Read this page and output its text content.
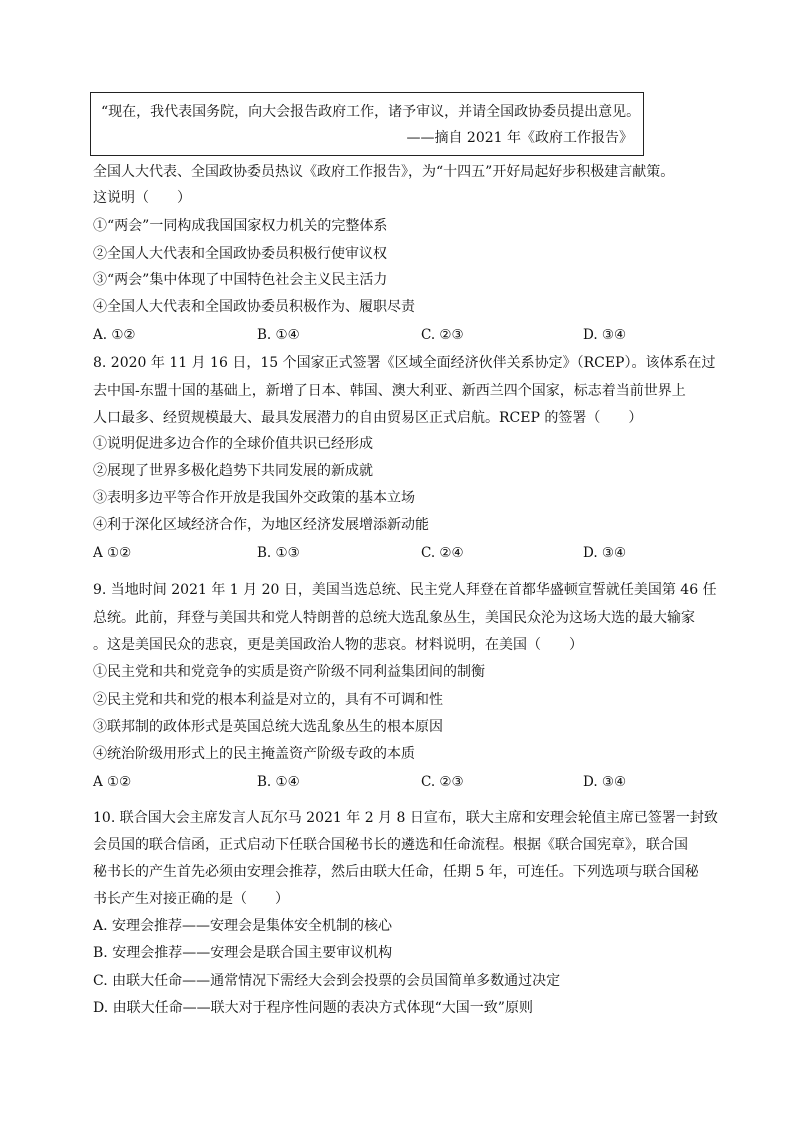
“现在，我代表国务院，向大会报告政府工作，诸予审议，并请全国政协委员提出意见。
——摘自 2021 年《政府工作报告》
全国人大代表、全国政协委员热议《政府工作报告》，为“十四五”开好局起好步积极建言献策。
这说明（　　）
①“两会”一同构成我国国家权力机关的完整体系
②全国人大代表和全国政协委员积极行使审议权
③“两会”集中体现了中国特色社会主义民主活力
④全国人大代表和全国政协委员积极作为、履职尽责
A. ①②	B. ①④	C. ②③	D. ③④
8. 2020 年 11 月 16 日，15 个国家正式签署《区域全面经济伙伴关系协定》（RCEP）。该体系在过
去中国-东盟十国的基础上，新增了日本、韩国、澳大利亚、新西兰四个国家，标志着当前世界上
人口最多、经贸规模最大、最具发展潜力的自由贸易区正式启航。RCEP 的签署（　　）
①说明促进多边合作的全球价值共识已经形成
②展现了世界多极化趋势下共同发展的新成就
③表明多边平等合作开放是我国外交政策的基本立场
④利于深化区域经济合作，为地区经济发展增添新动能
A ①②	B. ①③	C. ②④	D. ③④
9. 当地时间 2021 年 1 月 20 日，美国当选总统、民主党人拜登在首都华盛顿宣誓就任美国第 46 任
总统。此前，拜登与美国共和党人特朗普的总统大选乱象丛生，美国民众沦为这场大选的最大输家
。这是美国民众的悲哀，更是美国政治人物的悲哀。材料说明，在美国（　　）
①民主党和共和党竞争的实质是资产阶级不同利益集团间的制衡
②民主党和共和党的根本利益是对立的，具有不可调和性
③联邦制的政体形式是英国总统大选乱象丛生的根本原因
④统治阶级用形式上的民主掩盖资产阶级专政的本质
A ①②	B. ①④	C. ②③	D. ③④
10. 联合国大会主席发言人瓦尔马 2021 年 2 月 8 日宣布，联大主席和安理会轮值主席已签署一封致
会员国的联合信函，正式启动下任联合国秘书长的遴选和任命流程。根据《联合国宪章》，联合国
秘书长的产生首先必须由安理会推荐，然后由联大任命，任期 5 年，可连任。下列选项与联合国秘
书长产生对接正确的是（　　）
A. 安理会推荐——安理会是集体安全机制的核心
B. 安理会推荐——安理会是联合国主要审议机构
C. 由联大任命——通常情况下需经大会到会投票的会员国简单多数通过决定
D. 由联大任命——联大对于程序性问题的表决方式体现“大国一致”原则
